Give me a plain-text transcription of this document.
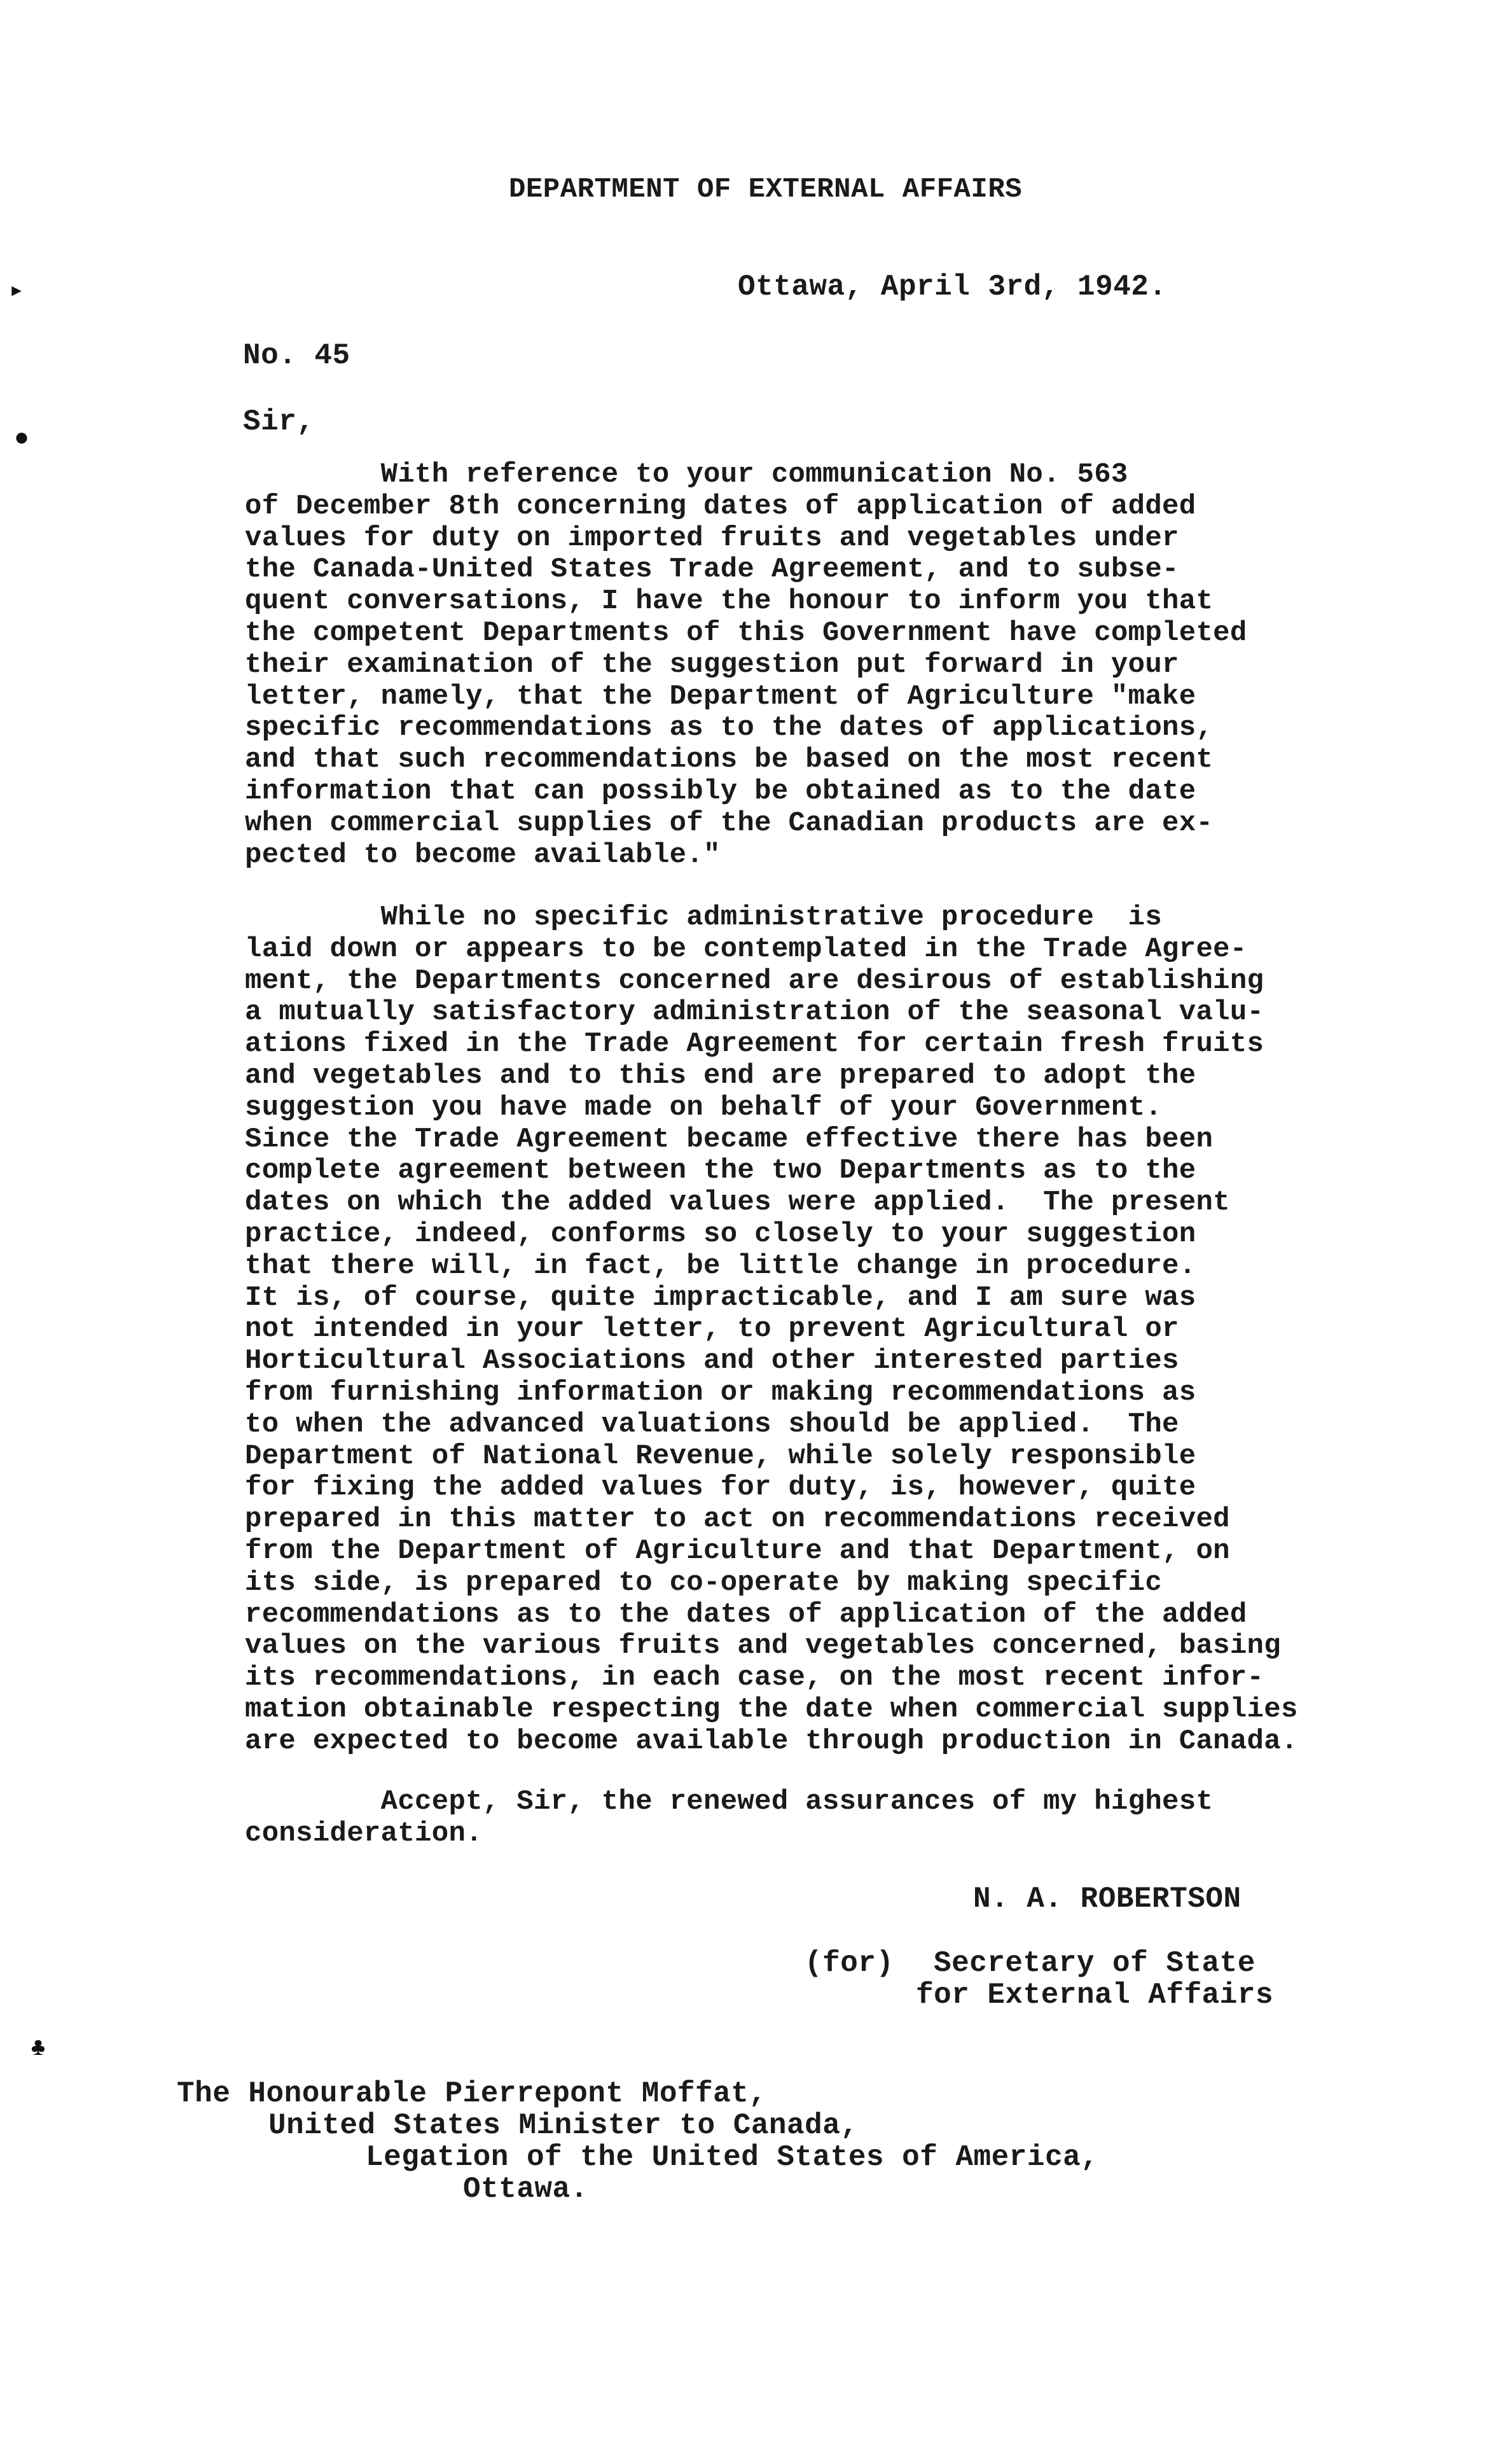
DEPARTMENT OF EXTERNAL AFFAIRS
Ottawa, April 3rd, 1942.
No. 45
Sir,
With reference to your communication No. 563
of December 8th concerning dates of application of added
values for duty on imported fruits and vegetables under
the Canada-United States Trade Agreement, and to subse-
quent conversations, I have the honour to inform you that
the competent Departments of this Government have completed
their examination of the suggestion put forward in your
letter, namely, that the Department of Agriculture "make
specific recommendations as to the dates of applications,
and that such recommendations be based on the most recent
information that can possibly be obtained as to the date
when commercial supplies of the Canadian products are ex-
pected to become available."
While no specific administrative procedure  is
laid down or appears to be contemplated in the Trade Agree-
ment, the Departments concerned are desirous of establishing
a mutually satisfactory administration of the seasonal valu-
ations fixed in the Trade Agreement for certain fresh fruits
and vegetables and to this end are prepared to adopt the
suggestion you have made on behalf of your Government.
Since the Trade Agreement became effective there has been
complete agreement between the two Departments as to the
dates on which the added values were applied.  The present
practice, indeed, conforms so closely to your suggestion
that there will, in fact, be little change in procedure.
It is, of course, quite impracticable, and I am sure was
not intended in your letter, to prevent Agricultural or
Horticultural Associations and other interested parties
from furnishing information or making recommendations as
to when the advanced valuations should be applied.  The
Department of National Revenue, while solely responsible
for fixing the added values for duty, is, however, quite
prepared in this matter to act on recommendations received
from the Department of Agriculture and that Department, on
its side, is prepared to co-operate by making specific
recommendations as to the dates of application of the added
values on the various fruits and vegetables concerned, basing
its recommendations, in each case, on the most recent infor-
mation obtainable respecting the date when commercial supplies
are expected to become available through production in Canada.
Accept, Sir, the renewed assurances of my highest
consideration.
N. A. ROBERTSON
(for) Secretary of State
for External Affairs
The Honourable Pierrepont Moffat,
United States Minister to Canada,
Legation of the United States of America,
Ottawa.
▸
●
♣
